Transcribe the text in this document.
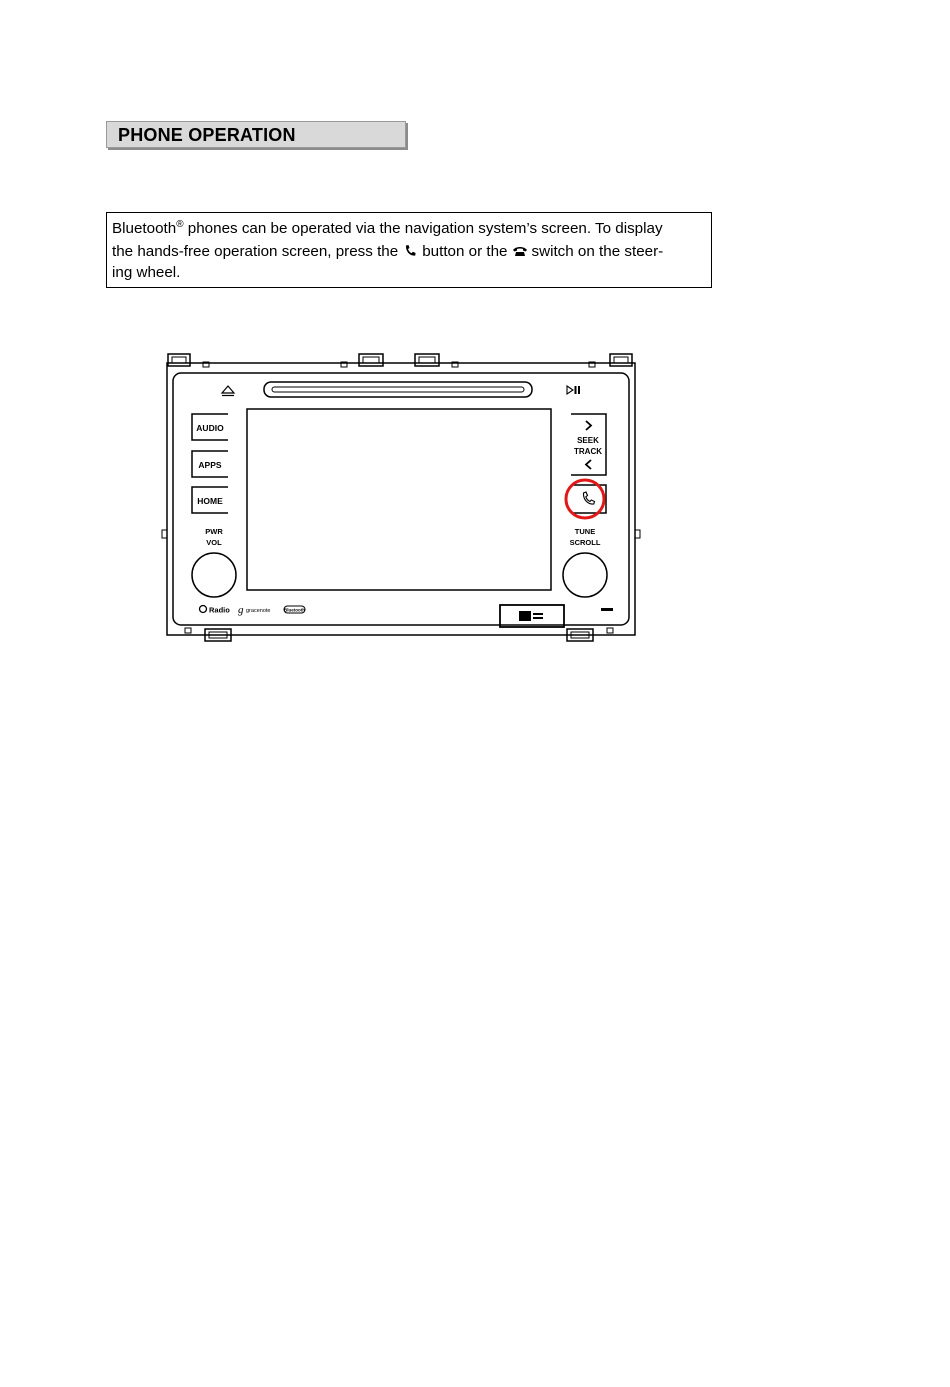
PHONE OPERATION
Bluetooth® phones can be operated via the navigation system’s screen. To display
the hands-free operation screen, press the button or the switch on the steer-
ing wheel.
AUDIO
APPS
HOME
SEEK
TRACK
PWR
VOL
TUNE
SCROLL
Radio g gracenote	Bluetooth
